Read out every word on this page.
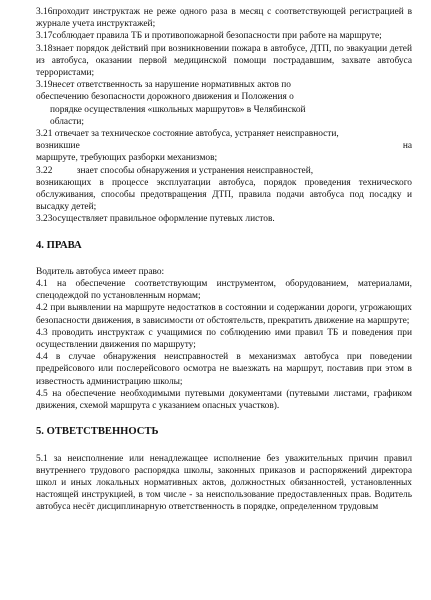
3.16проходит инструктаж не реже одного раза в месяц с соответствующей регистрацией в журнале учета инструктажей;

3.17соблюдает правила ТБ и противопожарной безопасности при работе на маршруте;

3.18знает порядок действий при возникновении пожара в автобусе, ДТП, по эвакуации детей из автобуса, оказании первой медицинской помощи пострадавшим, захвате автобуса террористами;

3.19несет ответственность за нарушение нормативных актов по
обеспечению безопасности дорожного движения и Положения о
порядке осуществления «школьных маршрутов» в Челябинской
области;
3.21 отвечает за техническое состояние автобуса, устраняет неисправности,
возникшие	на
маршруте, требующих разборки механизмов;
3.22	знает способы обнаружения и устранения неисправностей,

возникающих в процессе эксплуатации автобуса, порядок проведения технического обслуживания, способы предотвращения ДТП, правила подачи автобуса под посадку и высадку детей;

3.23осуществляет правильное оформление путевых листов.

4. ПРАВА

Водитель автобуса имеет право:

4.1 на обеспечение соответствующим инструментом, оборудованием, материалами, спецодеждой по установленным нормам;

4.2 при выявлении на маршруте недостатков в состоянии и содержании дороги, угрожающих безопасности движения, в зависимости от обстоятельств, прекратить движение на маршруте;

4.3 проводить инструктаж с учащимися по соблюдению ими правил ТБ и поведения при осуществлении движения по маршруту;

4.4 в случае обнаружения неисправностей в механизмах автобуса при поведении предрейсового или послерейсового осмотра не выезжать на маршрут, поставив при этом в известность администрацию школы;

4.5 на обеспечение необходимыми путевыми документами (путевыми листами, графиком движения, схемой маршрута с указанием опасных участков).

5. ОТВЕТСТВЕННОСТЬ

5.1 за неисполнение или ненадлежащее исполнение без уважительных причин правил внутреннего трудового распорядка школы, законных приказов и распоряжений директора школ и иных локальных нормативных актов, должностных обязанностей, установленных настоящей инструкцией, в том числе - за неиспользование предоставленных прав. Водитель автобуса несёт дисциплинарную ответственность в порядке, определенном трудовым
